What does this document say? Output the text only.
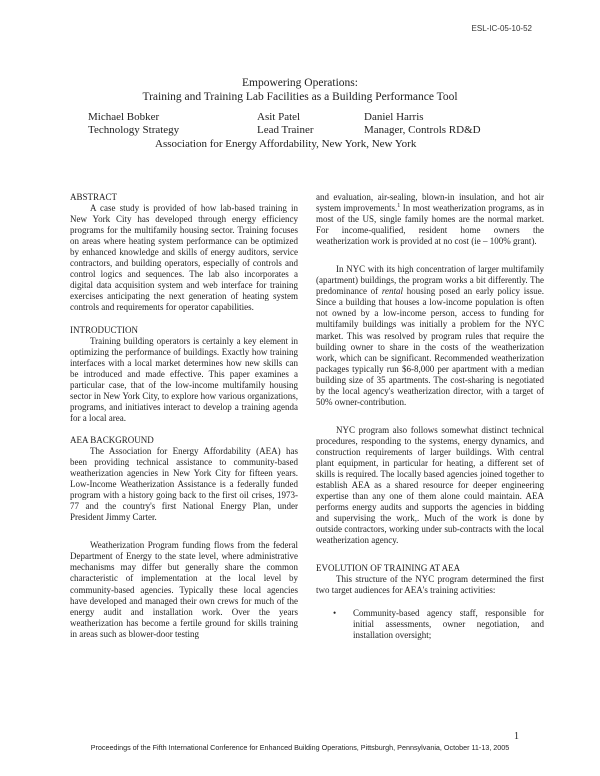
ESL-IC-05-10-52
Empowering Operations:
Training and Training Lab Facilities as a Building Performance Tool
Michael Bobker	Asit Patel	Daniel Harris
Technology Strategy	Lead Trainer	Manager, Controls RD&D
Association for Energy Affordability, New York, New York

ABSTRACT

A case study is provided of how lab-based training in New York City has developed through energy efficiency programs for the multifamily housing sector. Training focuses on areas where heating system performance can be optimized by enhanced knowledge and skills of energy auditors, service contractors, and building operators, especially of controls and control logics and sequences. The lab also incorporates a digital data acquisition system and web interface for training exercises anticipating the next generation of heating system controls and requirements for operator capabilities.

INTRODUCTION

Training building operators is certainly a key element in optimizing the performance of buildings. Exactly how training interfaces with a local market determines how new skills can be introduced and made effective. This paper examines a particular case, that of the low-income multifamily housing sector in New York City, to explore how various organizations, programs, and initiatives interact to develop a training agenda for a local area.

AEA BACKGROUND

The Association for Energy Affordability (AEA) has been providing technical assistance to community-based weatherization agencies in New York City for fifteen years. Low-Income Weatherization Assistance is a federally funded program with a history going back to the first oil crises, 1973-77 and the country's first National Energy Plan, under President Jimmy Carter.

Weatherization Program funding flows from the federal Department of Energy to the state level, where administrative mechanisms may differ but generally share the common characteristic of implementation at the local level by community-based agencies. Typically these local agencies have developed and managed their own crews for much of the energy audit and installation work. Over the years weatherization has become a fertile ground for skills training in areas such as blower-door testing

and evaluation, air-sealing, blown-in insulation, and hot air system improvements.$^1$ In most weatherization programs, as in most of the US, single family homes are the normal market. For income-qualified, resident home owners the weatherization work is provided at no cost (ie – 100% grant).

In NYC with its high concentration of larger multifamily (apartment) buildings, the program works a bit differently. The predominance of rental housing posed an early policy issue. Since a building that houses a low-income population is often not owned by a low-income person, access to funding for multifamily buildings was initially a problem for the NYC market. This was resolved by program rules that require the building owner to share in the costs of the weatherization work, which can be significant. Recommended weatherization packages typically run $6-8,000 per apartment with a median building size of 35 apartments. The cost-sharing is negotiated by the local agency's weatherization director, with a target of 50% owner-contribution.

NYC program also follows somewhat distinct technical procedures, responding to the systems, energy dynamics, and construction requirements of larger buildings. With central plant equipment, in particular for heating, a different set of skills is required. The locally based agencies joined together to establish AEA as a shared resource for deeper engineering expertise than any one of them alone could maintain. AEA performs energy audits and supports the agencies in bidding and supervising the work,. Much of the work is done by outside contractors, working under sub-contracts with the local weatherization agency.

EVOLUTION OF TRAINING AT AEA

This structure of the NYC program determined the first two target audiences for AEA's training activities:

• Community-based agency staff, responsible for initial assessments, owner negotiation, and installation oversight;

1
Proceedings of the Fifth International Conference for Enhanced Building Operations, Pittsburgh, Pennsylvania, October 11-13, 2005
